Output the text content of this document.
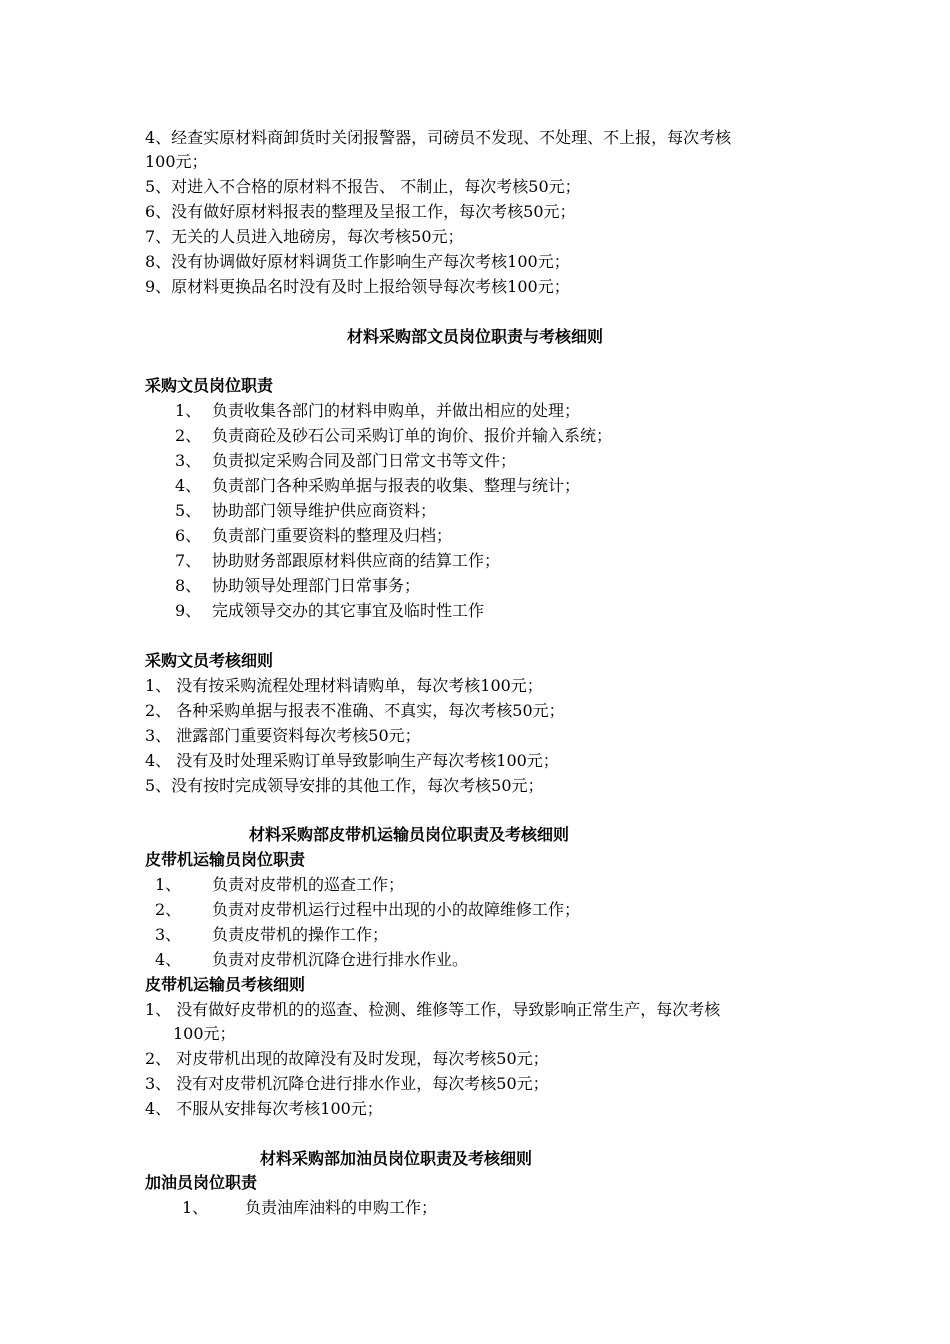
4、经查实原材料商卸货时关闭报警器，司磅员不发现、不处理、不上报，每次考核
100元；
5、对进入不合格的原材料不报告、 不制止，每次考核50元；
6、没有做好原材料报表的整理及呈报工作，每次考核50元；
7、无关的人员进入地磅房，每次考核50元；
8、没有协调做好原材料调货工作影响生产每次考核100元；
9、原材料更换品名时没有及时上报给领导每次考核100元；
材料采购部文员岗位职责与考核细则
采购文员岗位职责
1、 负责收集各部门的材料申购单，并做出相应的处理；
2、 负责商砼及砂石公司采购订单的询价、报价并输入系统；
3、 负责拟定采购合同及部门日常文书等文件；
4、 负责部门各种采购单据与报表的收集、整理与统计；
5、 协助部门领导维护供应商资料；
6、 负责部门重要资料的整理及归档；
7、 协助财务部跟原材料供应商的结算工作；
8、 协助领导处理部门日常事务；
9、 完成领导交办的其它事宜及临时性工作
采购文员考核细则
1、 没有按采购流程处理材料请购单，每次考核100元；
2、 各种采购单据与报表不准确、不真实，每次考核50元；
3、 泄露部门重要资料每次考核50元；
4、 没有及时处理采购订单导致影响生产每次考核100元；
5、没有按时完成领导安排的其他工作，每次考核50元；
材料采购部皮带机运输员岗位职责及考核细则
皮带机运输员岗位职责
1、 负责对皮带机的巡查工作；
2、 负责对皮带机运行过程中出现的小的故障维修工作；
3、 负责皮带机的操作工作；
4、 负责对皮带机沉降仓进行排水作业。
皮带机运输员考核细则
1、 没有做好皮带机的的巡查、检测、维修等工作，导致影响正常生产，每次考核
100元；
2、 对皮带机出现的故障没有及时发现，每次考核50元；
3、 没有对皮带机沉降仓进行排水作业，每次考核50元；
4、 不服从安排每次考核100元；
材料采购部加油员岗位职责及考核细则
加油员岗位职责
1、 负责油库油料的申购工作；
